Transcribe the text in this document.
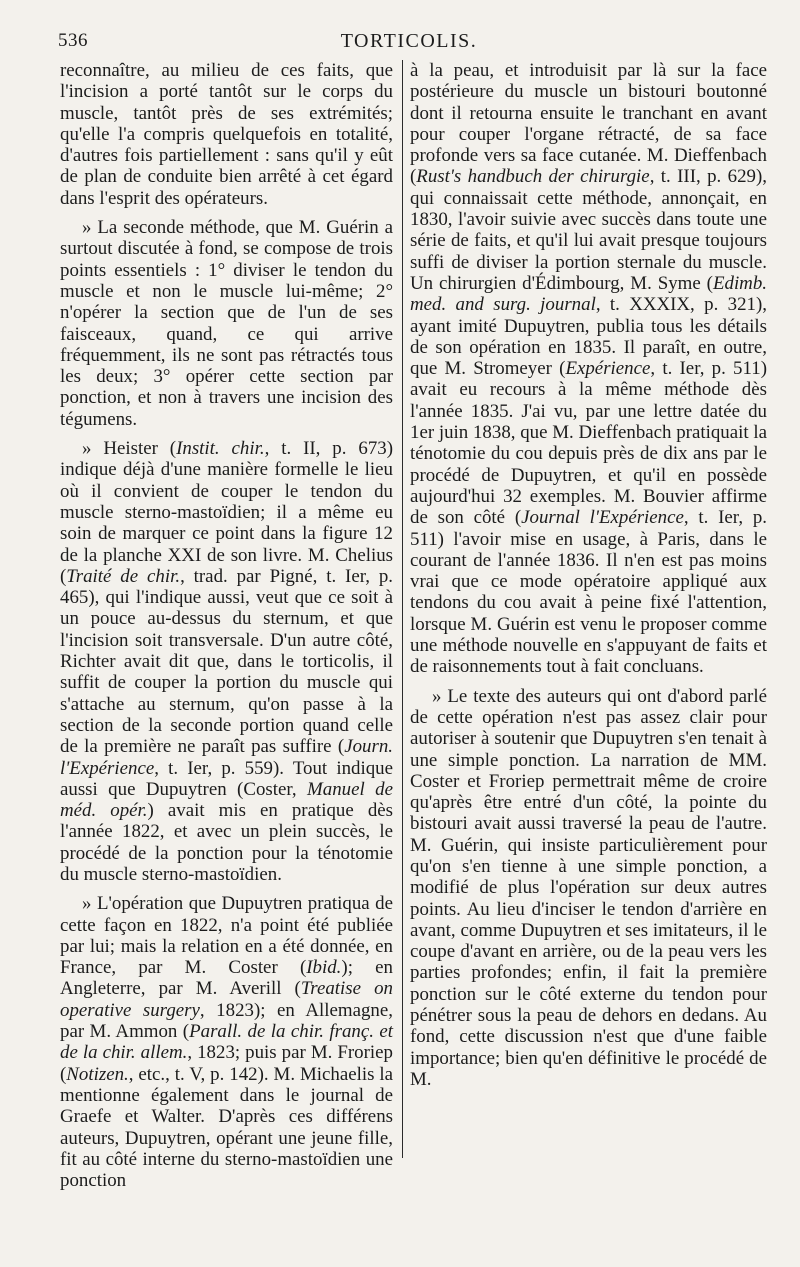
536	TORTICOLIS.

reconnaître, au milieu de ces faits, que l'incision a porté tantôt sur le corps du muscle, tantôt près de ses extrémités; qu'elle l'a compris quelquefois en totalité, d'autres fois partiellement : sans qu'il y eût de plan de conduite bien arrêté à cet égard dans l'esprit des opérateurs.

» La seconde méthode, que M. Guérin a surtout discutée à fond, se compose de trois points essentiels : 1° diviser le tendon du muscle et non le muscle lui-même; 2° n'opérer la section que de l'un de ses faisceaux, quand, ce qui arrive fréquemment, ils ne sont pas rétractés tous les deux; 3° opérer cette section par ponction, et non à travers une incision des tégumens.

» Heister (Instit. chir., t. II, p. 673) indique déjà d'une manière formelle le lieu où il convient de couper le tendon du muscle sterno-mastoïdien; il a même eu soin de marquer ce point dans la figure 12 de la planche XXI de son livre. M. Chelius (Traité de chir., trad. par Pigné, t. Ier, p. 465), qui l'indique aussi, veut que ce soit à un pouce au-dessus du sternum, et que l'incision soit transversale. D'un autre côté, Richter avait dit que, dans le torticolis, il suffit de couper la portion du muscle qui s'attache au sternum, qu'on passe à la section de la seconde portion quand celle de la première ne paraît pas suffire (Journ. l'Expérience, t. Ier, p. 559). Tout indique aussi que Dupuytren (Coster, Manuel de méd. opér.) avait mis en pratique dès l'année 1822, et avec un plein succès, le procédé de la ponction pour la ténotomie du muscle sterno-mastoïdien.

» L'opération que Dupuytren pratiqua de cette façon en 1822, n'a point été publiée par lui; mais la relation en a été donnée, en France, par M. Coster (Ibid.); en Angleterre, par M. Averill (Treatise on operative surgery, 1823); en Allemagne, par M. Ammon (Parall. de la chir. franç. et de la chir. allem., 1823; puis par M. Froriep (Notizen., etc., t. V, p. 142). M. Michaelis la mentionne également dans le journal de Graefe et Walter. D'après ces différens auteurs, Dupuytren, opérant une jeune fille, fit au côté interne du sterno-mastoïdien une ponction

à la peau, et introduisit par là sur la face postérieure du muscle un bistouri boutonné dont il retourna ensuite le tranchant en avant pour couper l'organe rétracté, de sa face profonde vers sa face cutanée. M. Dieffenbach (Rust's handbuch der chirurgie, t. III, p. 629), qui connaissait cette méthode, annonçait, en 1830, l'avoir suivie avec succès dans toute une série de faits, et qu'il lui avait presque toujours suffi de diviser la portion sternale du muscle. Un chirurgien d'Édimbourg, M. Syme (Edimb. med. and surg. journal, t. XXXIX, p. 321), ayant imité Dupuytren, publia tous les détails de son opération en 1835. Il paraît, en outre, que M. Stromeyer (Expérience, t. Ier, p. 511) avait eu recours à la même méthode dès l'année 1835. J'ai vu, par une lettre datée du 1er juin 1838, que M. Dieffenbach pratiquait la ténotomie du cou depuis près de dix ans par le procédé de Dupuytren, et qu'il en possède aujourd'hui 32 exemples. M. Bouvier affirme de son côté (Journal l'Expérience, t. Ier, p. 511) l'avoir mise en usage, à Paris, dans le courant de l'année 1836. Il n'en est pas moins vrai que ce mode opératoire appliqué aux tendons du cou avait à peine fixé l'attention, lorsque M. Guérin est venu le proposer comme une méthode nouvelle en s'appuyant de faits et de raisonnements tout à fait concluans.

» Le texte des auteurs qui ont d'abord parlé de cette opération n'est pas assez clair pour autoriser à soutenir que Dupuytren s'en tenait à une simple ponction. La narration de MM. Coster et Froriep permettrait même de croire qu'après être entré d'un côté, la pointe du bistouri avait aussi traversé la peau de l'autre. M. Guérin, qui insiste particulièrement pour qu'on s'en tienne à une simple ponction, a modifié de plus l'opération sur deux autres points. Au lieu d'inciser le tendon d'arrière en avant, comme Dupuytren et ses imitateurs, il le coupe d'avant en arrière, ou de la peau vers les parties profondes; enfin, il fait la première ponction sur le côté externe du tendon pour pénétrer sous la peau de dehors en dedans. Au fond, cette discussion n'est que d'une faible importance; bien qu'en définitive le procédé de M.
